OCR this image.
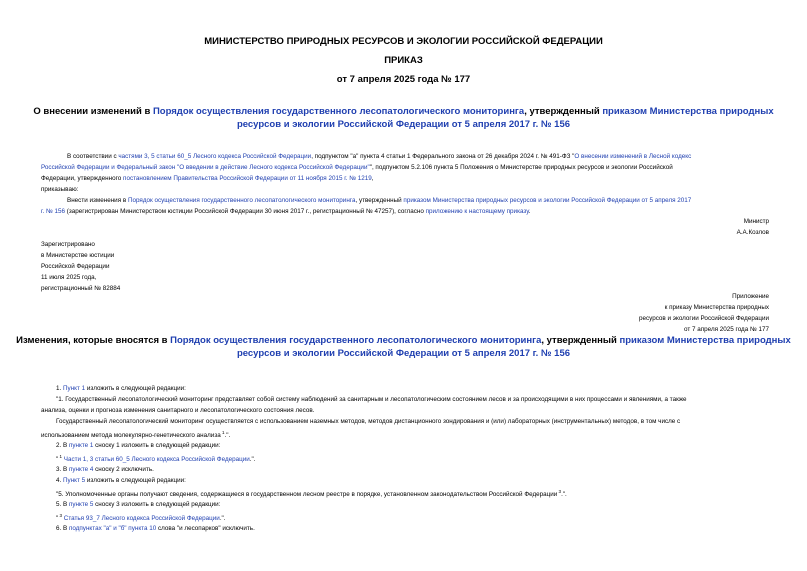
МИНИСТЕРСТВО ПРИРОДНЫХ РЕСУРСОВ И ЭКОЛОГИИ РОССИЙСКОЙ ФЕДЕРАЦИИ
ПРИКАЗ
от 7 апреля 2025 года № 177
О внесении изменений в Порядок осуществления государственного лесопатологического мониторинга, утвержденный приказом Министерства природных
ресурсов и экологии Российской Федерации от 5 апреля 2017 г. № 156
В соответствии с частями 3, 5 статьи 60_5 Лесного кодекса Российской Федерации, подпунктом "а" пункта 4 статьи 1 Федерального закона от 26 декабря 2024 г. № 491-ФЗ "О внесении изменений в Лесной кодекс
Российской Федерации и Федеральный закон "О введении в действие Лесного кодекса Российской Федерации"", подпунктом 5.2.106 пункта 5 Положения о Министерстве природных ресурсов и экологии Российской
Федерации, утвержденного постановлением Правительства Российской Федерации от 11 ноября 2015 г. № 1219,
приказываю:
Внести изменения в Порядок осуществления государственного лесопатологического мониторинга, утвержденный приказом Министерства природных ресурсов и экологии Российской Федерации от 5 апреля 2017
г. № 156 (зарегистрирован Министерством юстиции Российской Федерации 30 июня 2017 г., регистрационный № 47257), согласно приложению к настоящему приказу.
Министр
А.А.Козлов
Зарегистрировано
в Министерстве юстиции
Российской Федерации
11 июля 2025 года,
регистрационный № 82884
Приложение
к приказу Министерства природных
ресурсов и экологии Российской Федерации
от 7 апреля 2025 года № 177
Изменения, которые вносятся в Порядок осуществления государственного лесопатологического мониторинга, утвержденный приказом Министерства природных
ресурсов и экологии Российской Федерации от 5 апреля 2017 г. № 156
1. Пункт 1 изложить в следующей редакции:
"1. Государственный лесопатологический мониторинг представляет собой систему наблюдений за санитарным и лесопатологическим состоянием лесов и за происходящими в них процессами и явлениями, а также
анализа, оценки и прогноза изменения санитарного и лесопатологического состояния лесов.
Государственный лесопатологический мониторинг осуществляется с использованием наземных методов, методов дистанционного зондирования и (или) лабораторных (инструментальных) методов, в том числе с
использованием метода молекулярно-генетического анализа $^1$.".
2. В пункте 1 сноску 1 изложить в следующей редакции:
" $^1$ Части 1, 3 статьи 60_5 Лесного кодекса Российской Федерации.".
3. В пункте 4 сноску 2 исключить.
4. Пункт 5 изложить в следующей редакции:
"5. Уполномоченные органы получают сведения, содержащиеся в государственном лесном реестре в порядке, установленном законодательством Российской Федерации $^3$.".
5. В пункте 5 сноску 3 изложить в следующей редакции:
" $^3$ Статья 93_7 Лесного кодекса Российской Федерации.".
6. В подпунктах "а" и "б" пункта 10 слова "и лесопарков" исключить.
